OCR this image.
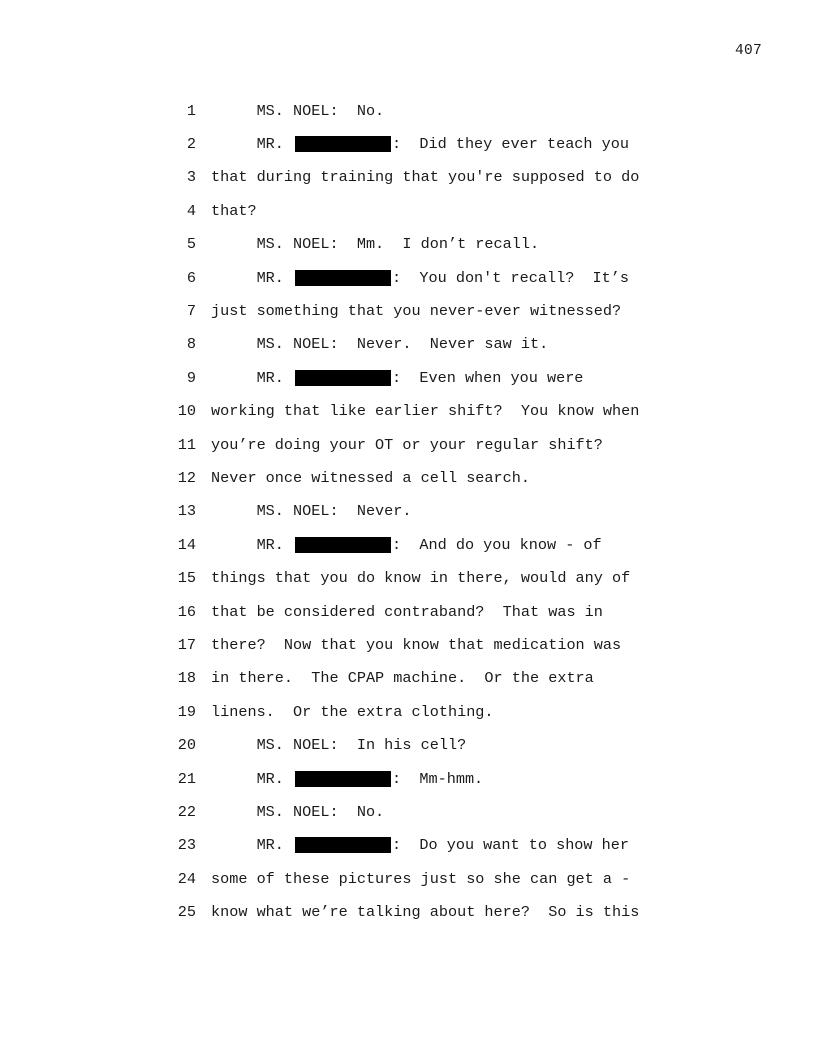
407
1 MS. NOEL:  No.
2 MR.	:  Did they ever teach you
3 that during training that you're supposed to do
4 that?
5 MS. NOEL:  Mm.  I don’t recall.
6 MR.	:  You don't recall?  It’s
7 just something that you never-ever witnessed?
8 MS. NOEL:  Never.  Never saw it.
9 MR.	:  Even when you were
10 working that like earlier shift?  You know when
11 you’re doing your OT or your regular shift?
12 Never once witnessed a cell search.
13 MS. NOEL:  Never.
14 MR.	:  And do you know - of
15 things that you do know in there, would any of
16 that be considered contraband?  That was in
17 there?  Now that you know that medication was
18 in there.  The CPAP machine.  Or the extra
19 linens.  Or the extra clothing.
20 MS. NOEL:  In his cell?
21 MR.	:  Mm-hmm.
22 MS. NOEL:  No.
23 MR.	:  Do you want to show her
24 some of these pictures just so she can get a -
25 know what we’re talking about here?  So is this
